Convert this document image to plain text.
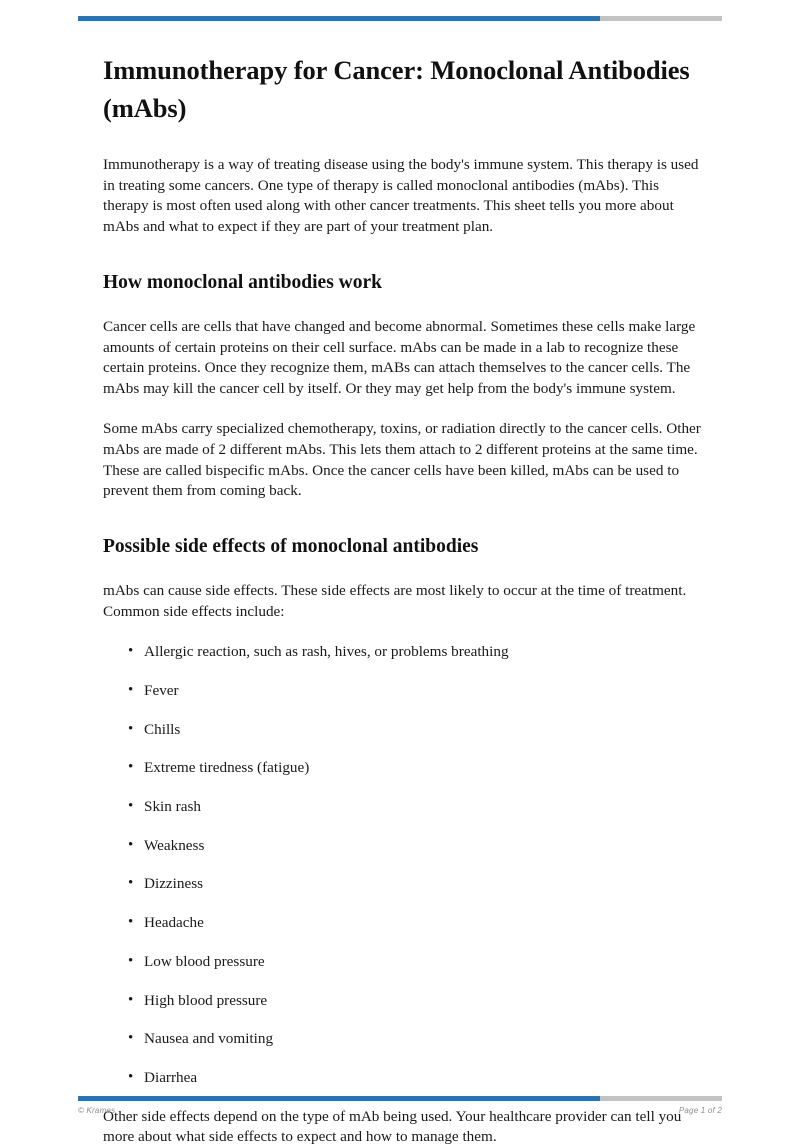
Immunotherapy for Cancer: Monoclonal Antibodies (mAbs)

Immunotherapy is a way of treating disease using the body's immune system. This therapy is used in treating some cancers. One type of therapy is called monoclonal antibodies (mAbs). This therapy is most often used along with other cancer treatments. This sheet tells you more about mAbs and what to expect if they are part of your treatment plan.

How monoclonal antibodies work

Cancer cells are cells that have changed and become abnormal. Sometimes these cells make large amounts of certain proteins on their cell surface. mAbs can be made in a lab to recognize these certain proteins. Once they recognize them, mABs can attach themselves to the cancer cells. The mAbs may kill the cancer cell by itself. Or they may get help from the body's immune system.

Some mAbs carry specialized chemotherapy, toxins, or radiation directly to the cancer cells. Other mAbs are made of 2 different mAbs. This lets them attach to 2 different proteins at the same time. These are called bispecific mAbs. Once the cancer cells have been killed, mAbs can be used to prevent them from coming back.

Possible side effects of monoclonal antibodies

mAbs can cause side effects. These side effects are most likely to occur at the time of treatment. Common side effects include:

• Allergic reaction, such as rash, hives, or problems breathing
• Fever
• Chills
• Extreme tiredness (fatigue)
• Skin rash
• Weakness
• Dizziness
• Headache
• Low blood pressure
• High blood pressure
• Nausea and vomiting
• Diarrhea

Other side effects depend on the type of mAb being used. Your healthcare provider can tell you more about what side effects to expect and how to manage them.

© Krames	Page 1 of 2
